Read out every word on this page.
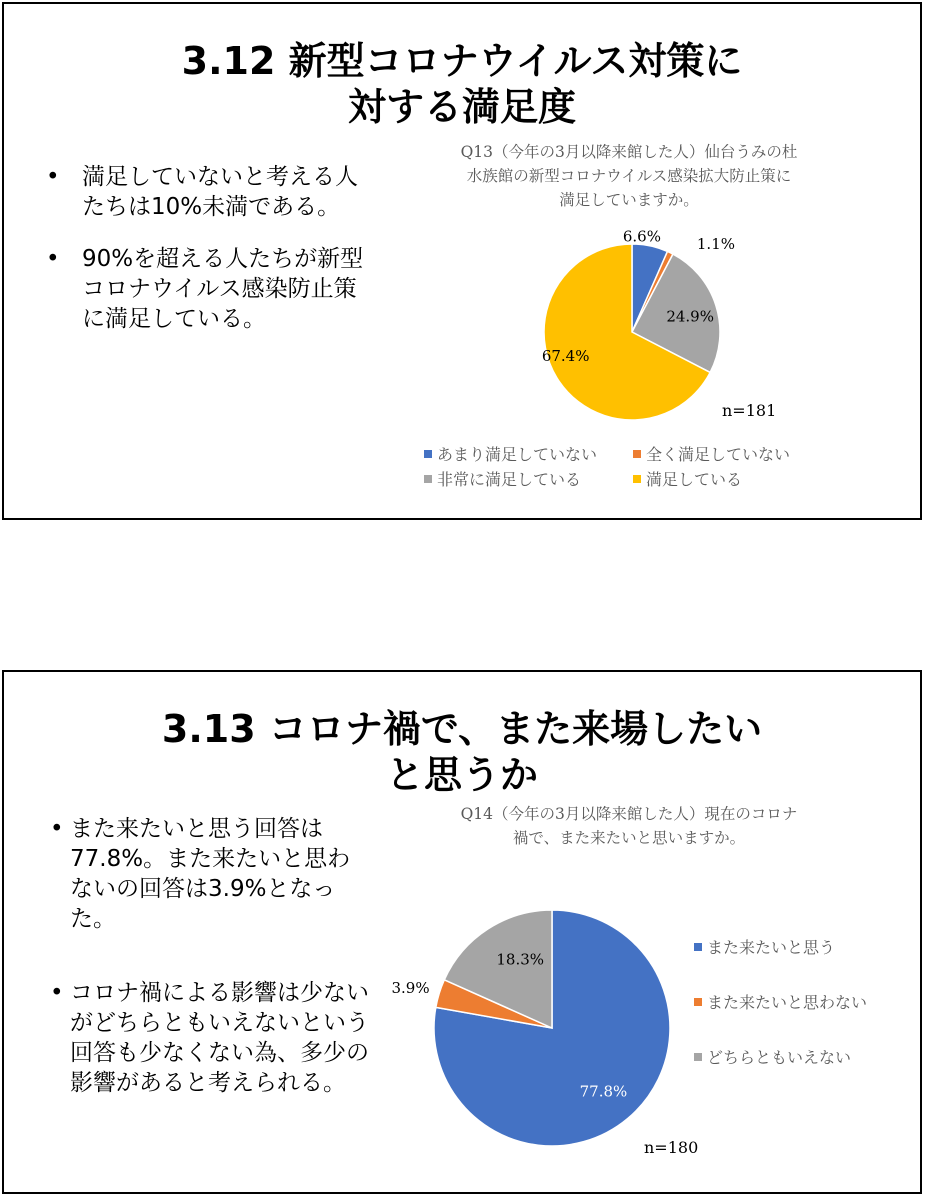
3.12 新型コロナウイルス対策に
対する満足度
• 満足していないと考える人たちは10%未満である。
• 90%を超える人たちが新型コロナウイルス感染防止策に満足している。

Q13（今年の3月以降来館した人）仙台うみの杜
水族館の新型コロナウイルス感染拡大防止策に
満足していますか。

6.6% 1.1%
24.9%
67.4%
n=181
あまり満足していない	全く満足していない非常に満足している	満足している
3.13 コロナ禍で、また来場したい
と思うか
• また来たいと思う回答は77.8%。また来たいと思わないの回答は3.9%となった。
• コロナ禍による影響は少ないがどちらともいえないという回答も少なくない為、多少の影響があると考えられる。

Q14（今年の3月以降来館した人）現在のコロナ
禍で、また来たいと思いますか。

77.8%
3.9%
18.3%
n=180
また来たいと思う
また来たいと思わない
どちらともいえない
